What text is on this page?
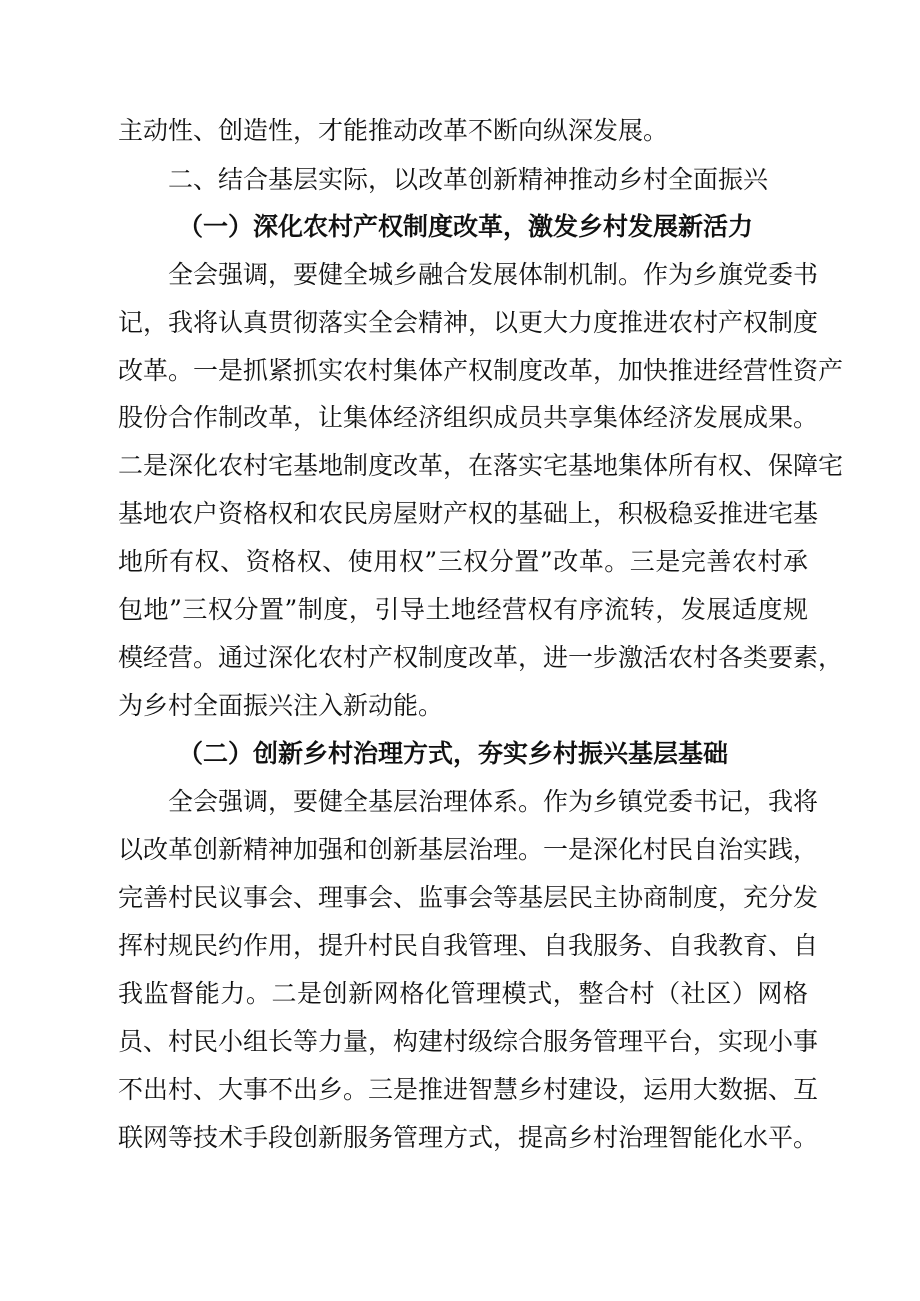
主动性、创造性，才能推动改革不断向纵深发展。
二、结合基层实际，以改革创新精神推动乡村全面振兴
（一）深化农村产权制度改革，激发乡村发展新活力
　　全会强调，要健全城乡融合发展体制机制。作为乡旗党委书
记，我将认真贯彻落实全会精神，以更大力度推进农村产权制度
改革。一是抓紧抓实农村集体产权制度改革，加快推进经营性资产
股份合作制改革，让集体经济组织成员共享集体经济发展成果。
二是深化农村宅基地制度改革，在落实宅基地集体所有权、保障宅
基地农户资格权和农民房屋财产权的基础上，积极稳妥推进宅基
地所有权、资格权、使用权”三权分置”改革。三是完善农村承
包地”三权分置”制度，引导土地经营权有序流转，发展适度规
模经营。通过深化农村产权制度改革，进一步激活农村各类要素，
为乡村全面振兴注入新动能。
（二）创新乡村治理方式，夯实乡村振兴基层基础
　　全会强调，要健全基层治理体系。作为乡镇党委书记，我将
以改革创新精神加强和创新基层治理。一是深化村民自治实践，
完善村民议事会、理事会、监事会等基层民主协商制度，充分发
挥村规民约作用，提升村民自我管理、自我服务、自我教育、自
我监督能力。二是创新网格化管理模式，整合村（社区）网格
员、村民小组长等力量，构建村级综合服务管理平台，实现小事
不出村、大事不出乡。三是推进智慧乡村建设，运用大数据、互
联网等技术手段创新服务管理方式，提高乡村治理智能化水平。
